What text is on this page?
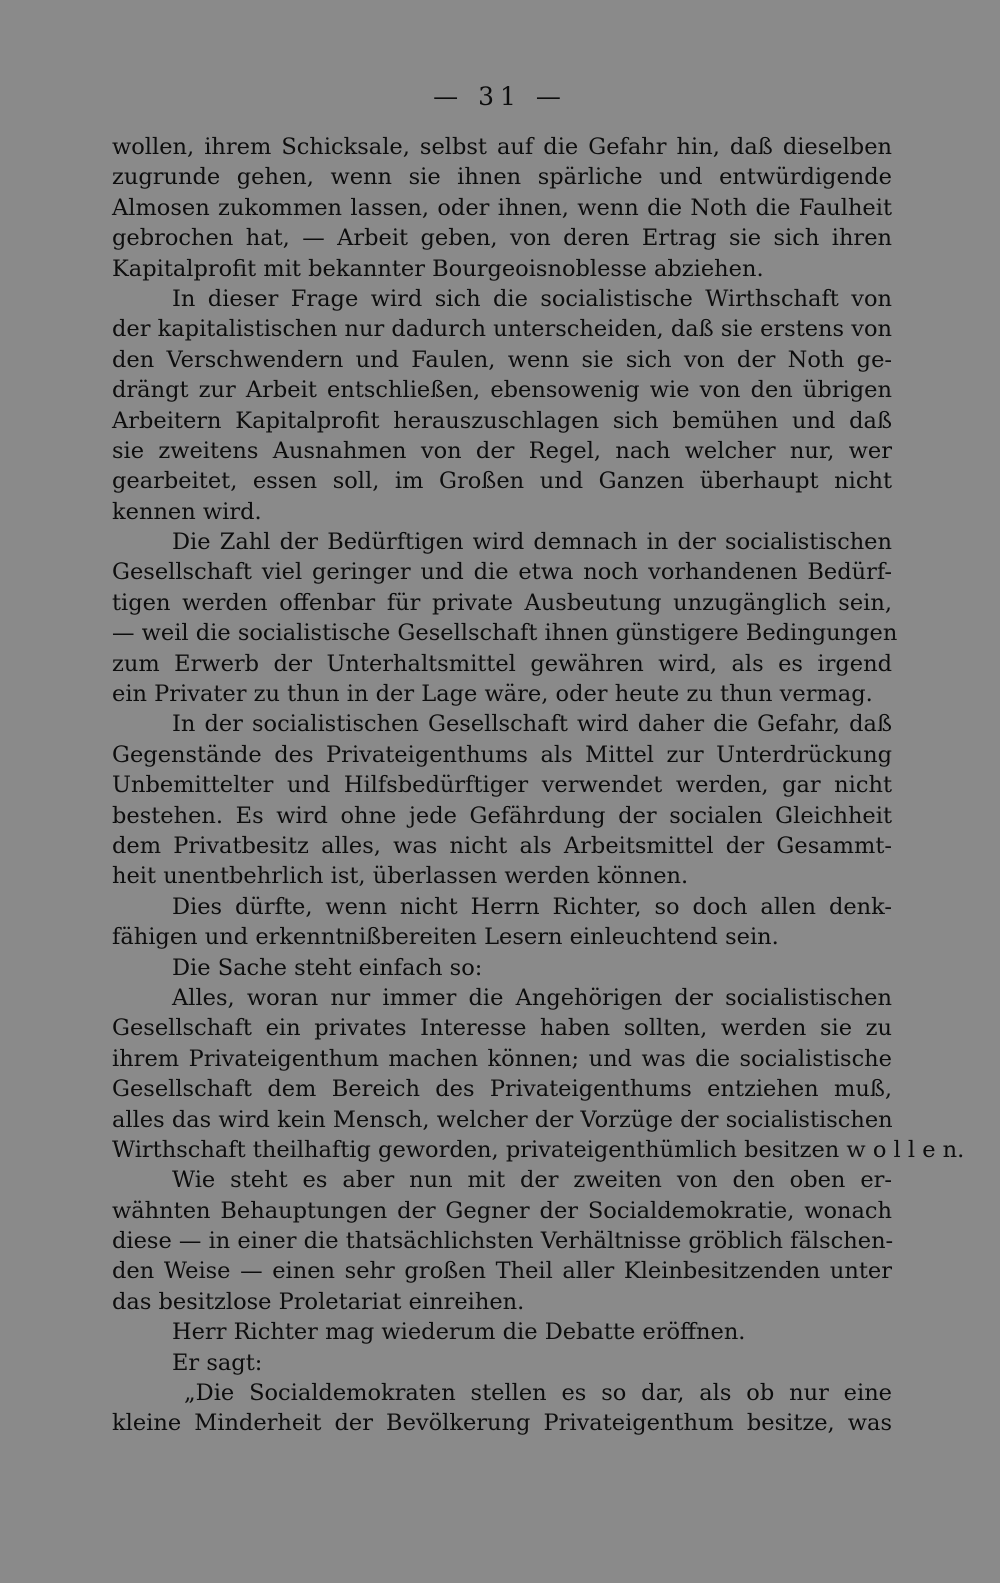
— 31 —
wollen, ihrem Schicksale, selbst auf die Gefahr hin, daß dieselben
zugrunde gehen, wenn sie ihnen spärliche und entwürdigende
Almosen zukommen lassen, oder ihnen, wenn die Noth die Faulheit
gebrochen hat, — Arbeit geben, von deren Ertrag sie sich ihren
Kapitalprofit mit bekannter Bourgeoisnoblesse abziehen.
In dieser Frage wird sich die socialistische Wirthschaft von
der kapitalistischen nur dadurch unterscheiden, daß sie erstens von
den Verschwendern und Faulen, wenn sie sich von der Noth ge-
drängt zur Arbeit entschließen, ebensowenig wie von den übrigen
Arbeitern Kapitalprofit herauszuschlagen sich bemühen und daß
sie zweitens Ausnahmen von der Regel, nach welcher nur, wer
gearbeitet, essen soll, im Großen und Ganzen überhaupt nicht
kennen wird.
Die Zahl der Bedürftigen wird demnach in der socialistischen
Gesellschaft viel geringer und die etwa noch vorhandenen Bedürf-
tigen werden offenbar für private Ausbeutung unzugänglich sein,
— weil die socialistische Gesellschaft ihnen günstigere Bedingungen
zum Erwerb der Unterhaltsmittel gewähren wird, als es irgend
ein Privater zu thun in der Lage wäre, oder heute zu thun vermag.
In der socialistischen Gesellschaft wird daher die Gefahr, daß
Gegenstände des Privateigenthums als Mittel zur Unterdrückung
Unbemittelter und Hilfsbedürftiger verwendet werden, gar nicht
bestehen. Es wird ohne jede Gefährdung der socialen Gleichheit
dem Privatbesitz alles, was nicht als Arbeitsmittel der Gesammt-
heit unentbehrlich ist, überlassen werden können.
Dies dürfte, wenn nicht Herrn Richter, so doch allen denk-
fähigen und erkenntnißbereiten Lesern einleuchtend sein.
Die Sache steht einfach so:
Alles, woran nur immer die Angehörigen der socialistischen
Gesellschaft ein privates Interesse haben sollten, werden sie zu
ihrem Privateigenthum machen können; und was die socialistische
Gesellschaft dem Bereich des Privateigenthums entziehen muß,
alles das wird kein Mensch, welcher der Vorzüge der socialistischen
Wirthschaft theilhaftig geworden, privateigenthümlich besitzen w o l l e n.
Wie steht es aber nun mit der zweiten von den oben er-
wähnten Behauptungen der Gegner der Socialdemokratie, wonach
diese — in einer die thatsächlichsten Verhältnisse gröblich fälschen-
den Weise — einen sehr großen Theil aller Kleinbesitzenden unter
das besitzlose Proletariat einreihen.
Herr Richter mag wiederum die Debatte eröffnen.
Er sagt:
„Die Socialdemokraten stellen es so dar, als ob nur eine
kleine Minderheit der Bevölkerung Privateigenthum besitze, was
